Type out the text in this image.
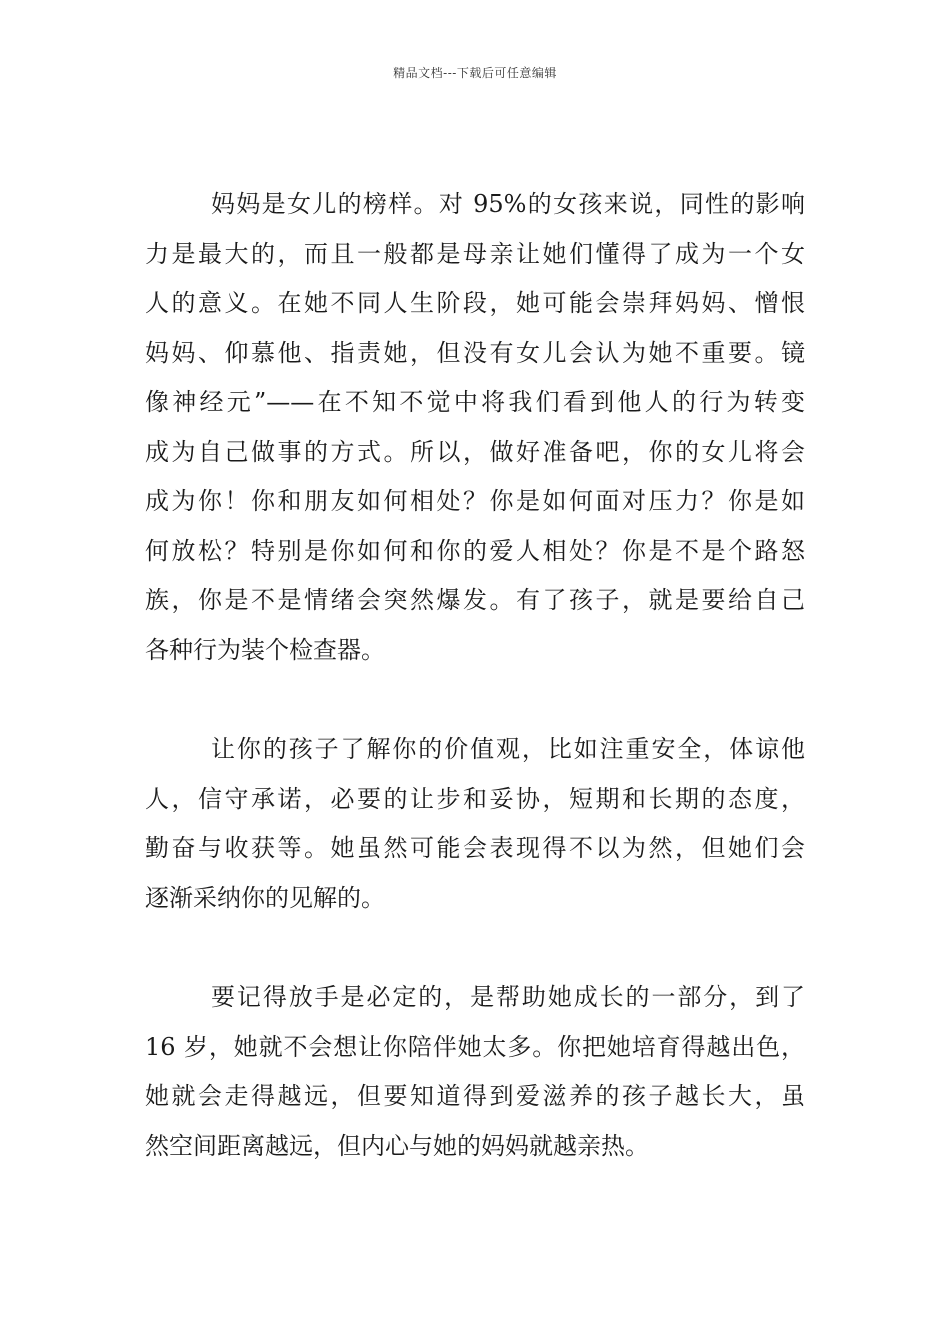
精品文档---下载后可任意编辑
妈妈是女儿的榜样。对 95%的女孩来说，同性的影响
力是最大的，而且一般都是母亲让她们懂得了成为一个女
人的意义。在她不同人生阶段，她可能会崇拜妈妈、憎恨
妈妈、仰慕他、指责她，但没有女儿会认为她不重要。镜
像神经元”——在不知不觉中将我们看到他人的行为转变
成为自己做事的方式。所以，做好准备吧，你的女儿将会
成为你！你和朋友如何相处？你是如何面对压力？你是如
何放松？特别是你如何和你的爱人相处？你是不是个路怒
族，你是不是情绪会突然爆发。有了孩子，就是要给自己
各种行为装个检查器。
让你的孩子了解你的价值观，比如注重安全，体谅他
人，信守承诺，必要的让步和妥协，短期和长期的态度，
勤奋与收获等。她虽然可能会表现得不以为然，但她们会
逐渐采纳你的见解的。
要记得放手是必定的，是帮助她成长的一部分，到了
16 岁，她就不会想让你陪伴她太多。你把她培育得越出色，
她就会走得越远，但要知道得到爱滋养的孩子越长大，虽
然空间距离越远，但内心与她的妈妈就越亲热。
